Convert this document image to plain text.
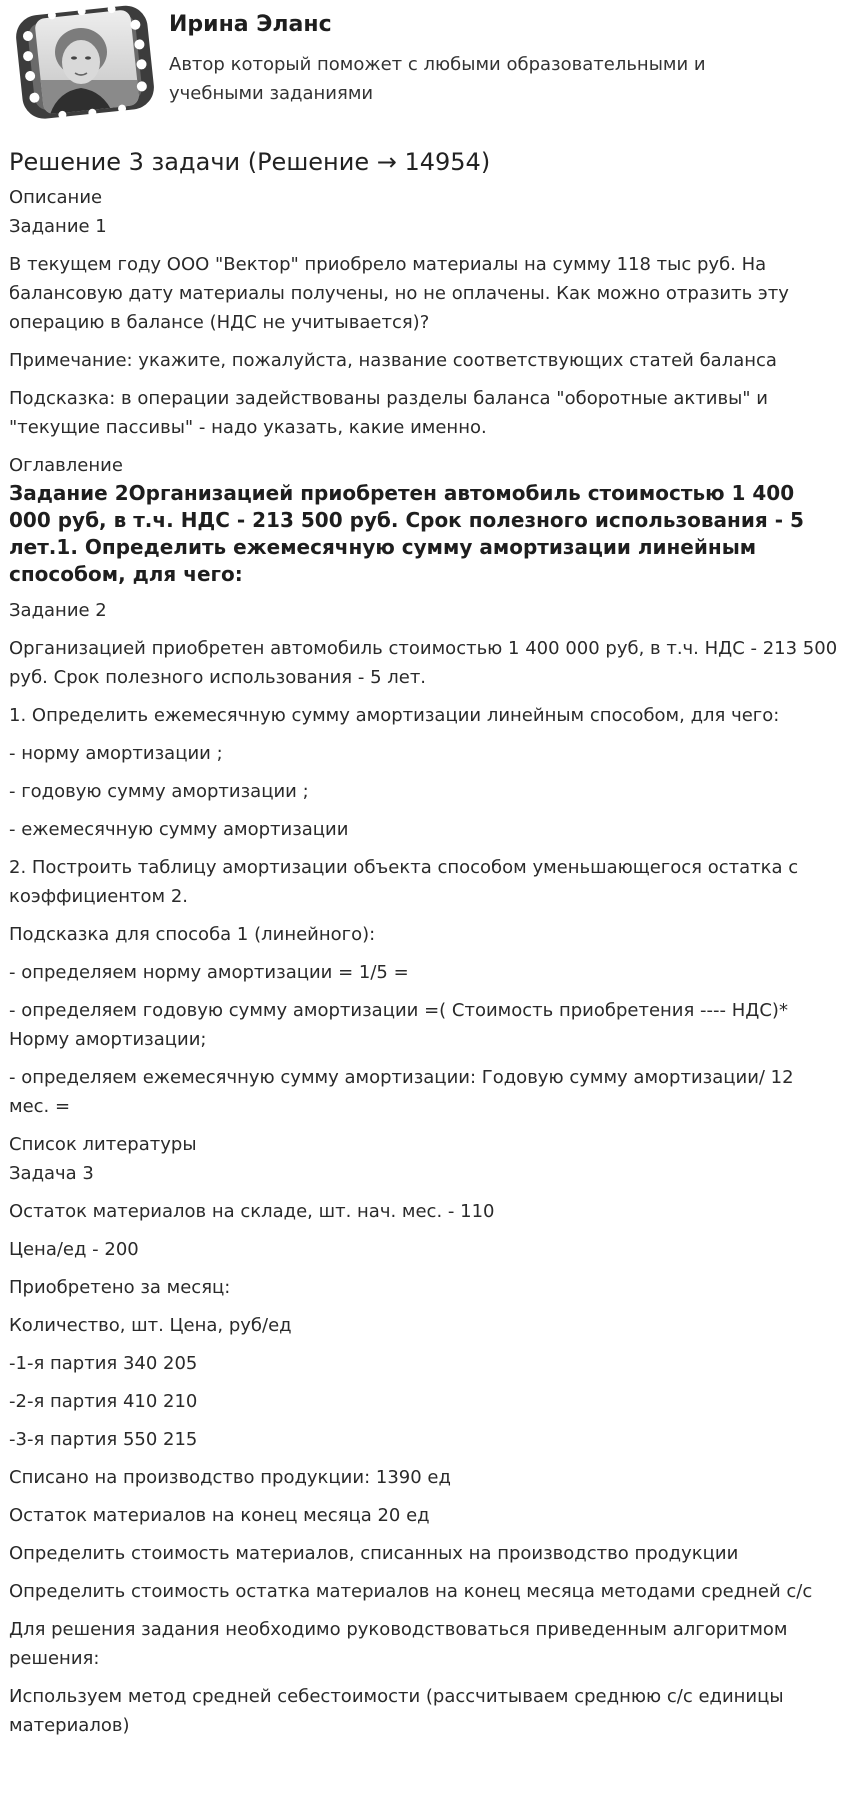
Ирина Эланс
Автор который поможет с любыми образовательными и учебными заданиями
Решение 3 задачи (Решение → 14954)
Описание
Задание 1

В текущем году ООО "Вектор" приобрело материалы на сумму 118 тыс руб. На балансовую дату материалы получены, но не оплачены. Как можно отразить эту операцию в балансе (НДС не учитывается)?

Примечание: укажите, пожалуйста, название соответствующих статей баланса

Подсказка: в операции задействованы разделы баланса "оборотные активы" и "текущие пассивы" - надо указать, какие именно.

Оглавление
Задание 2Организацией приобретен автомобиль стоимостью 1 400 000 руб, в т.ч. НДС - 213 500 руб. Срок полезного использования - 5 лет.1. Определить ежемесячную сумму амортизации линейным способом, для чего:
Задание 2

Организацией приобретен автомобиль стоимостью 1 400 000 руб, в т.ч. НДС - 213 500 руб. Срок полезного использования - 5 лет.

1. Определить ежемесячную сумму амортизации линейным способом, для чего:

- норму амортизации ;

- годовую сумму амортизации ;

- ежемесячную сумму амортизации

2. Построить таблицу амортизации объекта способом уменьшающегося остатка с коэффициентом 2.

Подсказка для способа 1 (линейного):

- определяем норму амортизации = 1/5 =

- определяем годовую сумму амортизации =( Стоимость приобретения ---- НДС)* Норму амортизации;

- определяем ежемесячную сумму амортизации: Годовую сумму амортизации/ 12 мес. =

Список литературы
Задача 3

Остаток материалов на складе, шт. нач. мес. - 110

Цена/ед - 200

Приобретено за месяц:

Количество, шт. Цена, руб/ед

-1-я партия 340 205

-2-я партия 410 210

-3-я партия 550 215

Списано на производство продукции: 1390 ед

Остаток материалов на конец месяца 20 ед

Определить стоимость материалов, списанных на производство продукции

Определить стоимость остатка материалов на конец месяца методами средней с/с

Для решения задания необходимо руководствоваться приведенным алгоритмом решения:

Используем метод средней себестоимости (рассчитываем среднюю с/с единицы материалов)
